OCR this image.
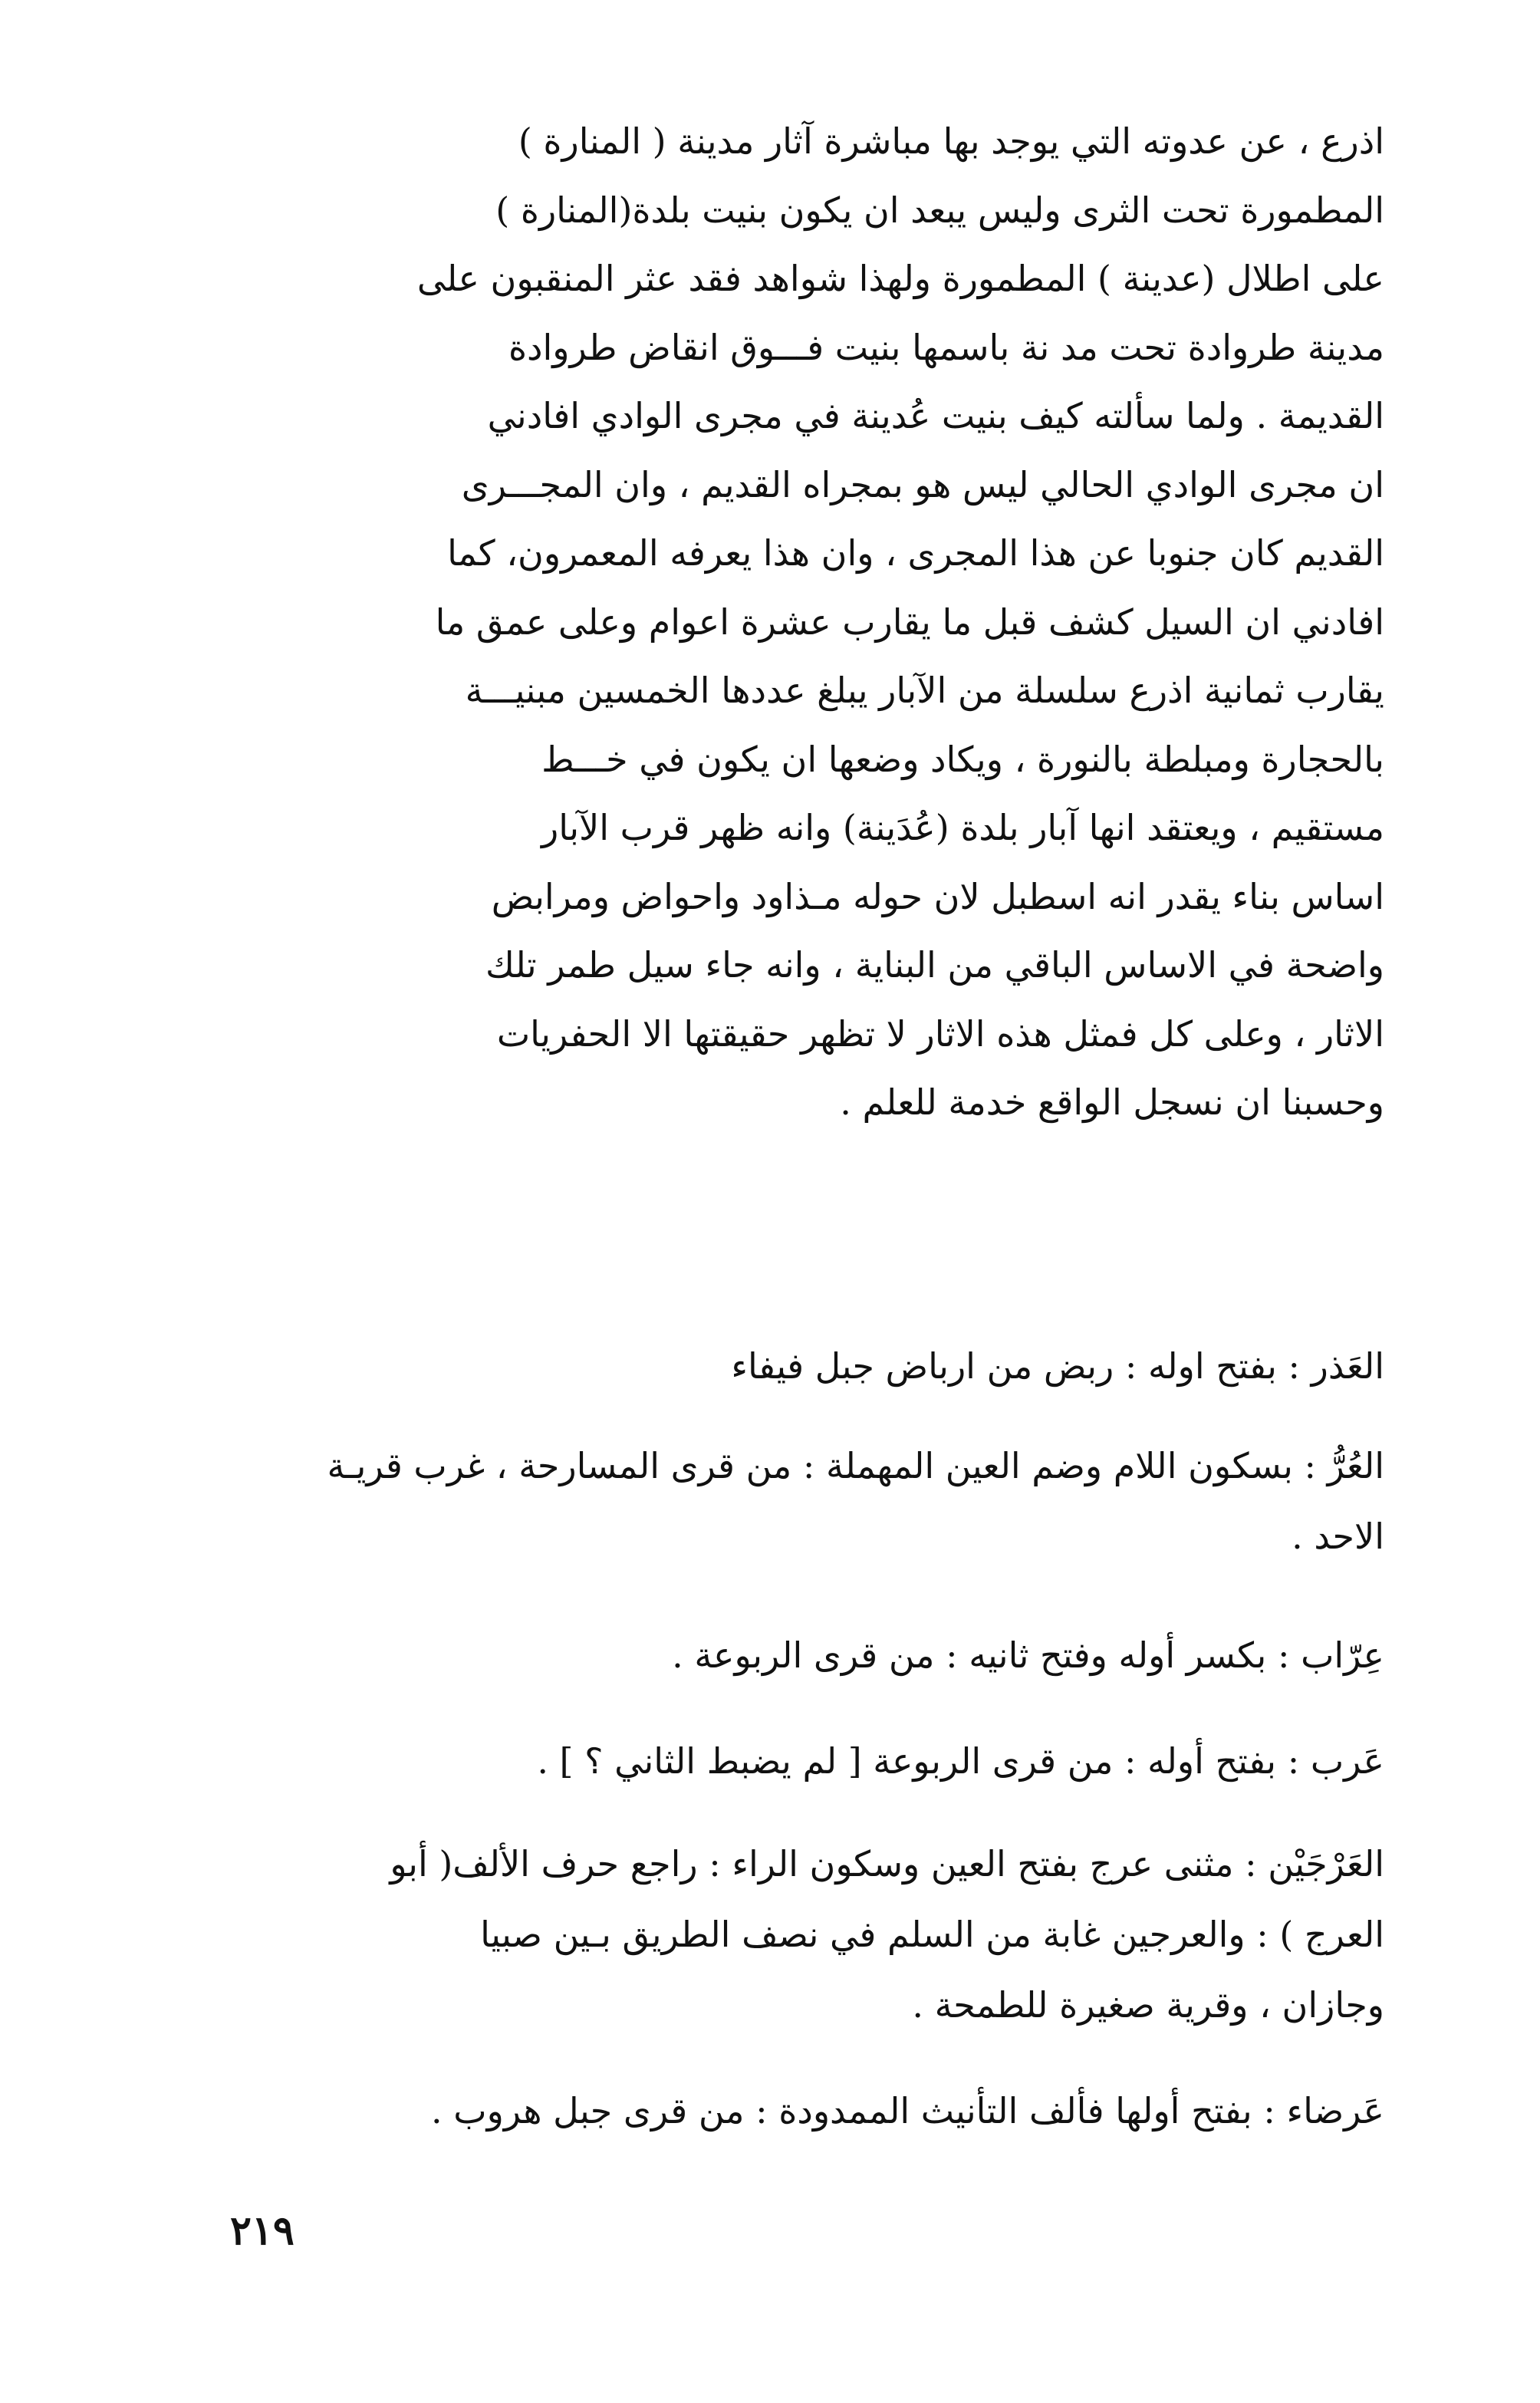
اذرع ، عن عدوته التي يوجد بها مباشرة آثار مدينة ( المنارة )
المطمورة تحت الثرى وليس يبعد ان يكون بنيت بلدة(المنارة )
على اطلال (عدينة ) المطمورة ولهذا شواهد فقد عثر المنقبون على
مدينة طروادة تحت مد نة باسمها بنيت فـــوق انقاض طروادة
القديمة . ولما سألته كيف بنيت عُدينة في مجرى الوادي افادني
ان مجرى الوادي الحالي ليس هو بمجراه القديم ، وان المجـــرى
القديم كان جنوبا عن هذا المجرى ، وان هذا يعرفه المعمرون، كما
افادني ان السيل كشف قبل ما يقارب عشرة اعوام وعلى عمق ما
يقارب ثمانية اذرع سلسلة من الآبار يبلغ عددها الخمسين مبنيـــة
بالحجارة ومبلطة بالنورة ، ويكاد وضعها ان يكون في خـــط
مستقيم ، ويعتقد انها آبار بلدة (عُدَينة) وانه ظهر قرب الآبار
اساس بناء يقدر انه اسطبل لان حوله مـذاود واحواض ومرابض
واضحة في الاساس الباقي من البناية ، وانه جاء سيل طمر تلك
الاثار ، وعلى كل فمثل هذه الاثار لا تظهر حقيقتها الا الحفريات
وحسبنا ان نسجل الواقع خدمة للعلم .
العَذر : بفتح اوله : ربض من ارباض جبل فيفاء
العُرُّ : بسكون اللام وضم العين المهملة : من قرى المسارحة ، غرب قريـة
الاحد .
عِرّاب : بكسر أوله وفتح ثانيه : من قرى الربوعة .
عَرب : بفتح أوله : من قرى الربوعة [ لم يضبط الثاني ؟ ] .
العَرْجَيْن : مثنى عرج بفتح العين وسكون الراء : راجع حرف الألف( أبو
العرج ) : والعرجين غابة من السلم في نصف الطريق بـين صبيا
وجازان ، وقرية صغيرة للطمحة .
عَرضاء : بفتح أولها فألف التأنيث الممدودة : من قرى جبل هروب .
٢١٩
